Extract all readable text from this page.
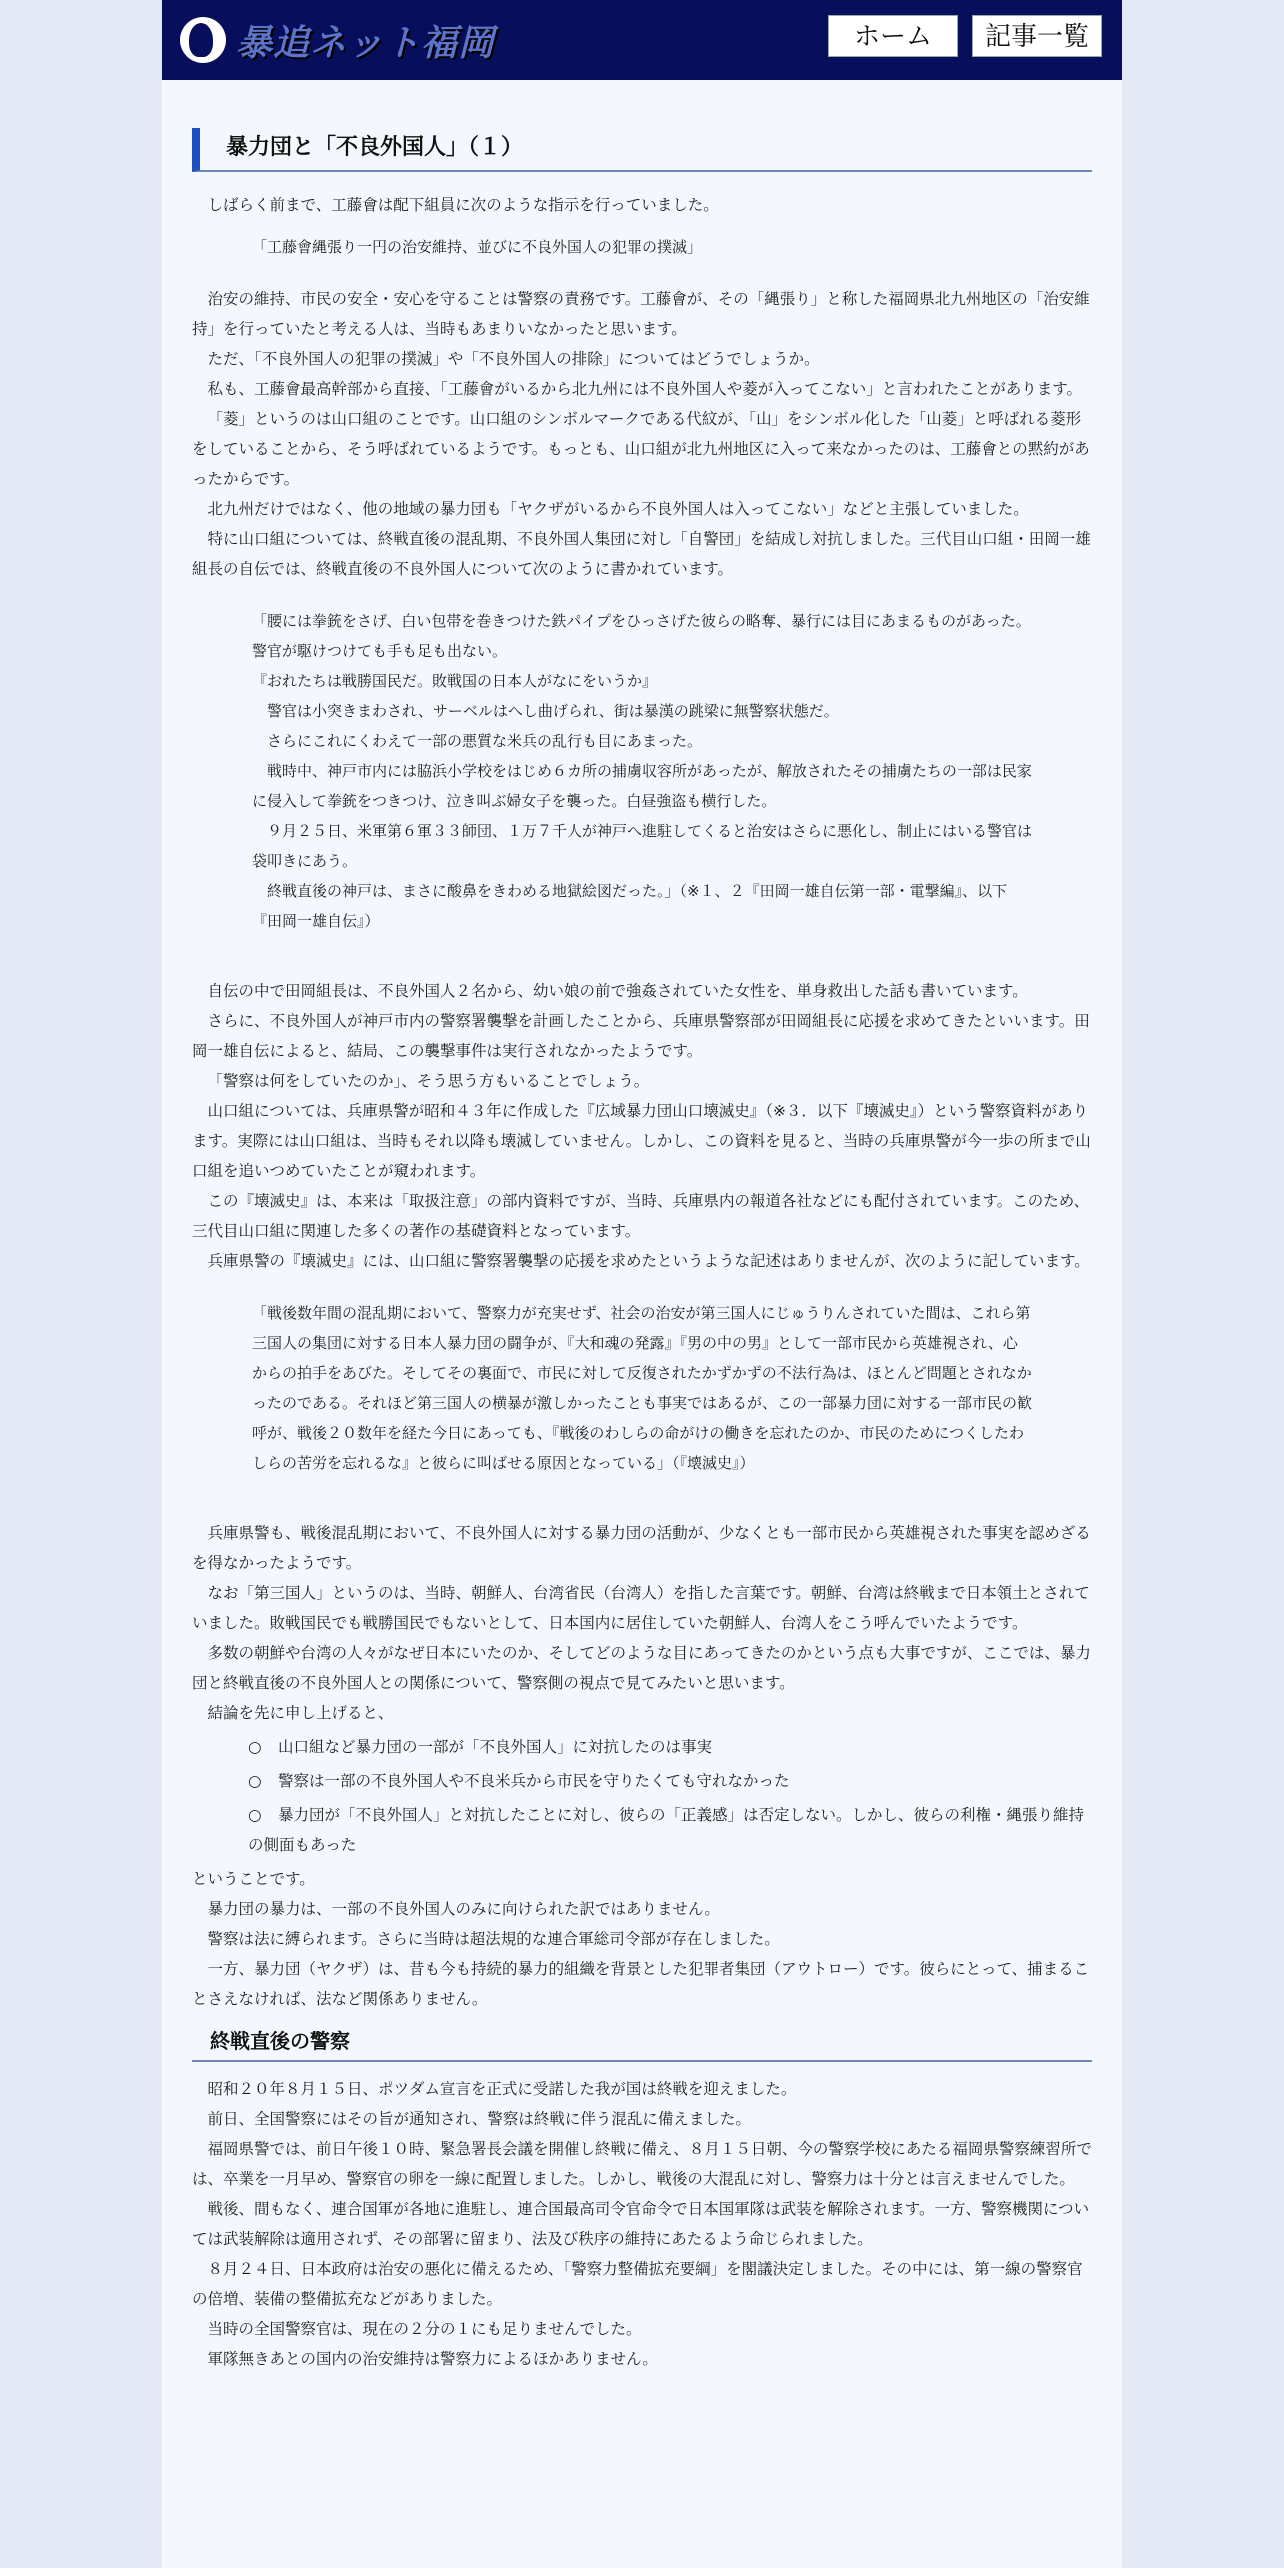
暴追ネット福岡	ホーム	記事一覧
暴力団と「不良外国人」（１）

しばらく前まで、工藤會は配下組員に次のような指示を行っていました。

「工藤會縄張り一円の治安維持、並びに不良外国人の犯罪の撲滅」

治安の維持、市民の安全・安心を守ることは警察の責務です。工藤會が、その「縄張り」と称した福岡県北九州地区の「治安維持」を行っていたと考える人は、当時もあまりいなかったと思います。

ただ、「不良外国人の犯罪の撲滅」や「不良外国人の排除」についてはどうでしょうか。

私も、工藤會最高幹部から直接、「工藤會がいるから北九州には不良外国人や菱が入ってこない」と言われたことがあります。

「菱」というのは山口組のことです。山口組のシンボルマークである代紋が、「山」をシンボル化した「山菱」と呼ばれる菱形をしていることから、そう呼ばれているようです。もっとも、山口組が北九州地区に入って来なかったのは、工藤會との黙約があったからです。

北九州だけではなく、他の地域の暴力団も「ヤクザがいるから不良外国人は入ってこない」などと主張していました。

特に山口組については、終戦直後の混乱期、不良外国人集団に対し「自警団」を結成し対抗しました。三代目山口組・田岡一雄組長の自伝では、終戦直後の不良外国人について次のように書かれています。

「腰には拳銃をさげ、白い包帯を巻きつけた鉄パイプをひっさげた彼らの略奪、暴行には目にあまるものがあった。警官が駆けつけても手も足も出ない。

『おれたちは戦勝国民だ。敗戦国の日本人がなにをいうか』

警官は小突きまわされ、サーベルはへし曲げられ、街は暴漢の跳梁に無警察状態だ。

さらにこれにくわえて一部の悪質な米兵の乱行も目にあまった。

戦時中、神戸市内には脇浜小学校をはじめ６カ所の捕虜収容所があったが、解放されたその捕虜たちの一部は民家に侵入して拳銃をつきつけ、泣き叫ぶ婦女子を襲った。白昼強盗も横行した。

９月２５日、米軍第６軍３３師団、１万７千人が神戸へ進駐してくると治安はさらに悪化し、制止にはいる警官は袋叩きにあう。

終戦直後の神戸は、まさに酸鼻をきわめる地獄絵図だった。」（※１、２『田岡一雄自伝第一部・電撃編』、以下『田岡一雄自伝』）

自伝の中で田岡組長は、不良外国人２名から、幼い娘の前で強姦されていた女性を、単身救出した話も書いています。

さらに、不良外国人が神戸市内の警察署襲撃を計画したことから、兵庫県警察部が田岡組長に応援を求めてきたといいます。田岡一雄自伝によると、結局、この襲撃事件は実行されなかったようです。

「警察は何をしていたのか」、そう思う方もいることでしょう。

山口組については、兵庫県警が昭和４３年に作成した『広域暴力団山口壊滅史』（※３．以下『壊滅史』）という警察資料があります。実際には山口組は、当時もそれ以降も壊滅していません。しかし、この資料を見ると、当時の兵庫県警が今一歩の所まで山口組を追いつめていたことが窺われます。

この『壊滅史』は、本来は「取扱注意」の部内資料ですが、当時、兵庫県内の報道各社などにも配付されています。このため、三代目山口組に関連した多くの著作の基礎資料となっています。

兵庫県警の『壊滅史』には、山口組に警察署襲撃の応援を求めたというような記述はありませんが、次のように記しています。

「戦後数年間の混乱期において、警察力が充実せず、社会の治安が第三国人にじゅうりんされていた間は、これら第三国人の集団に対する日本人暴力団の闘争が、『大和魂の発露』『男の中の男』として一部市民から英雄視され、心からの拍手をあびた。そしてその裏面で、市民に対して反復されたかずかずの不法行為は、ほとんど問題とされなかったのである。それほど第三国人の横暴が激しかったことも事実ではあるが、この一部暴力団に対する一部市民の歓呼が、戦後２０数年を経た今日にあっても、『戦後のわしらの命がけの働きを忘れたのか、市民のためにつくしたわしらの苦労を忘れるな』と彼らに叫ばせる原因となっている」（『壊滅史』）

兵庫県警も、戦後混乱期において、不良外国人に対する暴力団の活動が、少なくとも一部市民から英雄視された事実を認めざるを得なかったようです。

なお「第三国人」というのは、当時、朝鮮人、台湾省民（台湾人）を指した言葉です。朝鮮、台湾は終戦まで日本領土とされていました。敗戦国民でも戦勝国民でもないとして、日本国内に居住していた朝鮮人、台湾人をこう呼んでいたようです。

多数の朝鮮や台湾の人々がなぜ日本にいたのか、そしてどのような目にあってきたのかという点も大事ですが、ここでは、暴力団と終戦直後の不良外国人との関係について、警察側の視点で見てみたいと思います。

結論を先に申し上げると、

○ 山口組など暴力団の一部が「不良外国人」に対抗したのは事実
○ 警察は一部の不良外国人や不良米兵から市民を守りたくても守れなかった
○ 暴力団が「不良外国人」と対抗したことに対し、彼らの「正義感」は否定しない。しかし、彼らの利権・縄張り維持の側面もあった

ということです。

暴力団の暴力は、一部の不良外国人のみに向けられた訳ではありません。

警察は法に縛られます。さらに当時は超法規的な連合軍総司令部が存在しました。

一方、暴力団（ヤクザ）は、昔も今も持続的暴力的組織を背景とした犯罪者集団（アウトロー）です。彼らにとって、捕まることさえなければ、法など関係ありません。

終戦直後の警察

昭和２０年８月１５日、ポツダム宣言を正式に受諾した我が国は終戦を迎えました。

前日、全国警察にはその旨が通知され、警察は終戦に伴う混乱に備えました。

福岡県警では、前日午後１０時、緊急署長会議を開催し終戦に備え、８月１５日朝、今の警察学校にあたる福岡県警察練習所では、卒業を一月早め、警察官の卵を一線に配置しました。しかし、戦後の大混乱に対し、警察力は十分とは言えませんでした。

戦後、間もなく、連合国軍が各地に進駐し、連合国最高司令官命令で日本国軍隊は武装を解除されます。一方、警察機関については武装解除は適用されず、その部署に留まり、法及び秩序の維持にあたるよう命じられました。

８月２４日、日本政府は治安の悪化に備えるため、「警察力整備拡充要綱」を閣議決定しました。その中には、第一線の警察官の倍増、装備の整備拡充などがありました。

当時の全国警察官は、現在の２分の１にも足りませんでした。

軍隊無きあとの国内の治安維持は警察力によるほかありません。
